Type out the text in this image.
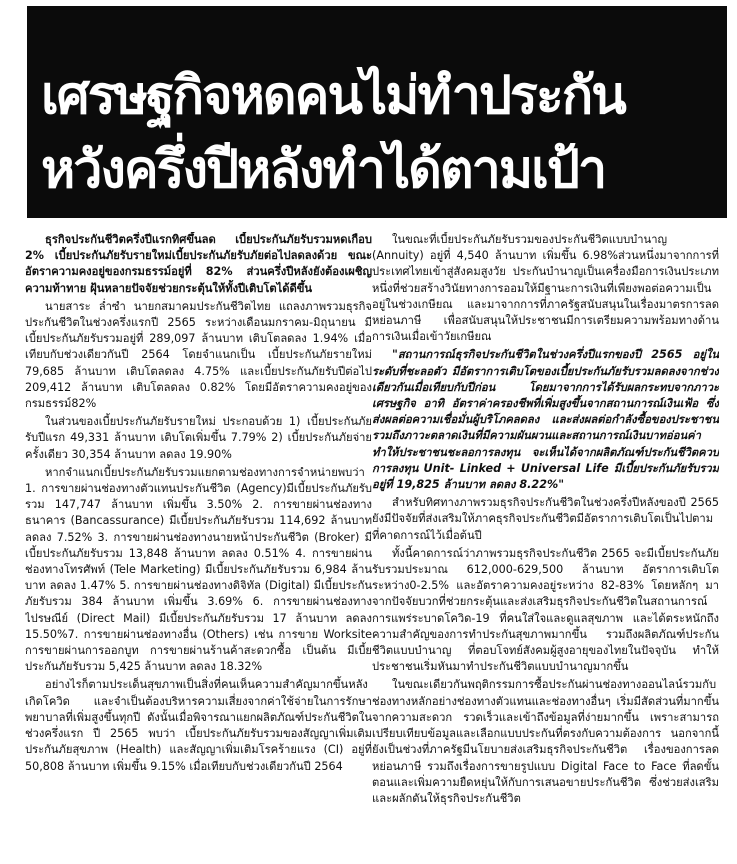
เศรษฐกิจหดคนไม่ทำประกัน
หวังครึ่งปีหลังทำได้ตามเป้า

ธุรกิจประกันชีวิตครึ่งปีแรกทิศขึ้นลด เบี้ยประกันภัยรับรวมหดเกือบ 2% เบี้ยประกันภัยรับรายใหม่เบี้ยประกันภัยรับภัยต่อไปลดลงด้วย ขณะอัตราความคงอยู่ของกรมธรรม์อยู่ที่ 82% ส่วนครึ่งปีหลังยังต้องเผชิญความท้าทาย ฝุ้นหลายปัจจัยช่วยกระตุ้นให้ทั้งปีเติบโตได้ดีขึ้น

นายสาระ ล่ำซำ นายกสมาคมประกันชีวิตไทย แถลงภาพรวมธุรกิจประกันชีวิตในช่วงครึ่งแรกปี 2565 ระหว่างเดือนมกราคม-มิถุนายน มีเบี้ยประกันภัยรับรวมอยู่ที่ 289,097 ล้านบาท เติบโตลดลง 1.94% เมื่อเทียบกับช่วงเดียวกันปี 2564 โดยจำแนกเป็น เบี้ยประกันภัยรายใหม่ 79,685 ล้านบาท เติบโตลดลง 4.75% และเบี้ยประกันภัยรับปีต่อไป 209,412 ล้านบาท เติบโตลดลง 0.82% โดยมีอัตราความคงอยู่ของกรมธรรม์82%

ในส่วนของเบี้ยประกันภัยรับรายใหม่ ประกอบด้วย 1) เบี้ยประกันภัยรับปีแรก 49,331 ล้านบาท เติบโตเพิ่มขึ้น 7.79% 2) เบี้ยประกันภัยจ่ายครั้งเดียว 30,354 ล้านบาท ลดลง 19.90%

หากจำแนกเบี้ยประกันภัยรับรวมแยกตามช่องทางการจำหน่ายพบว่า 1. การขายผ่านช่องทางตัวแทนประกันชีวิต (Agency)มีเบี้ยประกันภัยรับรวม 147,747 ล้านบาท เพิ่มขึ้น 3.50% 2. การขายผ่านช่องทางธนาคาร (Bancassurance) มีเบี้ยประกันภัยรับรวม 114,692 ล้านบาท ลดลง 7.52% 3. การขายผ่านช่องทางนายหน้าประกันชีวิต (Broker) มีเบี้ยประกันภัยรับรวม 13,848 ล้านบาท ลดลง 0.51% 4. การขายผ่านช่องทางโทรศัพท์ (Tele Marketing) มีเบี้ยประกันภัยรับรวม 6,984 ล้านบาท ลดลง 1.47% 5. การขายผ่านช่องทางดิจิทัล (Digital) มีเบี้ยประกันภัยรับรวม 384 ล้านบาท เพิ่มขึ้น 3.69% 6. การขายผ่านช่องทางไปรษณีย์ (Direct Mail) มีเบี้ยประกันภัยรับรวม 17 ล้านบาท ลดลง 15.50%7. การขายผ่านช่องทางอื่น (Others) เช่น การขาย Worksite การขายผ่านการออกบูท การขายผ่านร้านค้าสะดวกซื้อ เป็นต้น มีเบี้ยประกันภัยรับรวม 5,425 ล้านบาท ลดลง 18.32%

อย่างไรก็ตามประเด็นสุขภาพเป็นสิ่งที่คนเห็นความสำคัญมากขึ้นหลังเกิดโควิด และจำเป็นต้องบริหารความเสี่ยงจากค่าใช้จ่ายในการรักษาพยาบาลที่เพิ่มสูงขึ้นทุกปี ดังนั้นเมื่อพิจารณาแยกผลิตภัณฑ์ประกันชีวิตในช่วงครึ่งแรก ปี 2565 พบว่า เบี้ยประกันภัยรับรวมของสัญญาเพิ่มเติมประกันภัยสุขภาพ (Health) และสัญญาเพิ่มเติมโรคร้ายแรง (CI) อยู่ที่ 50,808 ล้านบาท เพิ่มขึ้น 9.15% เมื่อเทียบกับช่วงเดียวกันปี 2564

ในขณะที่เบี้ยประกันภัยรับรวมของประกันชีวิตแบบบำนาญ (Annuity) อยู่ที่ 4,540 ล้านบาท เพิ่มขึ้น 6.98%ส่วนหนึ่งมาจากการที่ประเทศไทยเข้าสู่สังคมสูงวัย ประกันบำนาญเป็นเครื่องมือการเงินประเภทหนึ่งที่ช่วยสร้างวินัยทางการออมให้มีฐานะการเงินที่เพียงพอต่อความเป็นอยู่ในช่วงเกษียณ และมาจากการที่ภาครัฐสนับสนุนในเรื่องมาตรการลดหย่อนภาษี เพื่อสนับสนุนให้ประชาชนมีการเตรียมความพร้อมทางด้านการเงินเมื่อเข้าวัยเกษียณ

"สถานการณ์ธุรกิจประกันชีวิตในช่วงครึ่งปีแรกของปี 2565 อยู่ในระดับที่ชะลอตัว มีอัตราการเติบโตของเบี้ยประกันภัยรับรวมลดลงจากช่วงเดียวกันเมื่อเทียบกับปีก่อน โดยมาจากการได้รับผลกระทบจากภาวะเศรษฐกิจ อาทิ อัตราค่าครองชีพที่เพิ่มสูงขึ้นจากสถานการณ์เงินเฟ้อ ซึ่งส่งผลต่อความเชื่อมั่นผู้บริโภคลดลง และส่งผลต่อกำลังซื้อของประชาชน รวมถึงภาวะตลาดเงินที่มีความผันผวนและสถานการณ์เงินบาทอ่อนค่า ทำให้ประชาชนชะลอการลงทุน จะเห็นได้จากผลิตภัณฑ์ประกันชีวิตควบการลงทุน Unit- Linked + Universal Life มีเบี้ยประกันภัยรับรวมอยู่ที่ 19,825 ล้านบาท ลดลง 8.22%"

สำหรับทิศทางภาพรวมธุรกิจประกันชีวิตในช่วงครึ่งปีหลังของปี 2565 ยังมีปัจจัยที่ส่งเสริมให้ภาคธุรกิจประกันชีวิตมีอัตราการเติบโตเป็นไปตามที่คาดการณ์ไว้เมื่อต้นปี

ทั้งนี้คาดการณ์ว่าภาพรวมธุรกิจประกันชีวิต 2565 จะมีเบี้ยประกันภัยรับรวมประมาณ 612,000-629,500 ล้านบาท อัตราการเติบโตระหว่าง0-2.5% และอัตราความคงอยู่ระหว่าง 82-83% โดยหลักๆ มาจากปัจจัยบวกที่ช่วยกระตุ้นและส่งเสริมธุรกิจประกันชีวิตในสถานการณ์การแพร่ระบาดโควิด-19 ที่คนใส่ใจและดูแลสุขภาพ และได้ตระหนักถึงความสำคัญของการทำประกันสุขภาพมากขึ้น รวมถึงผลิตภัณฑ์ประกันชีวิตแบบบำนาญ ที่ตอบโจทย์สังคมผู้สูงอายุของไทยในปัจจุบัน ทำให้ประชาชนเริ่มหันมาทำประกันชีวิตแบบบำนาญมากขึ้น

ในขณะเดียวกันพฤติกรรมการซื้อประกันผ่านช่องทางออนไลน์รวมกับ ช่องทางหลักอย่างช่องทางตัวแทนและช่องทางอื่นๆ เริ่มมีสัดส่วนที่มากขึ้น จากความสะดวก รวดเร็วและเข้าถึงข้อมูลที่ง่ายมากขึ้น เพราะสามารถเปรียบเทียบข้อมูลและเลือกแบบประกันที่ตรงกับความต้องการ นอกจากนี้ยังเป็นช่วงที่ภาครัฐมีนโยบายส่งเสริมธุรกิจประกันชีวิต เรื่องของการลดหย่อนภาษี รวมถึงเรื่องการขายรูปแบบ Digital Face to Face ที่ลดขั้นตอนและเพิ่มความยืดหยุ่นให้กับการเสนอขายประกันชีวิต ซึ่งช่วยส่งเสริมและผลักดันให้ธุรกิจประกันชีวิต
